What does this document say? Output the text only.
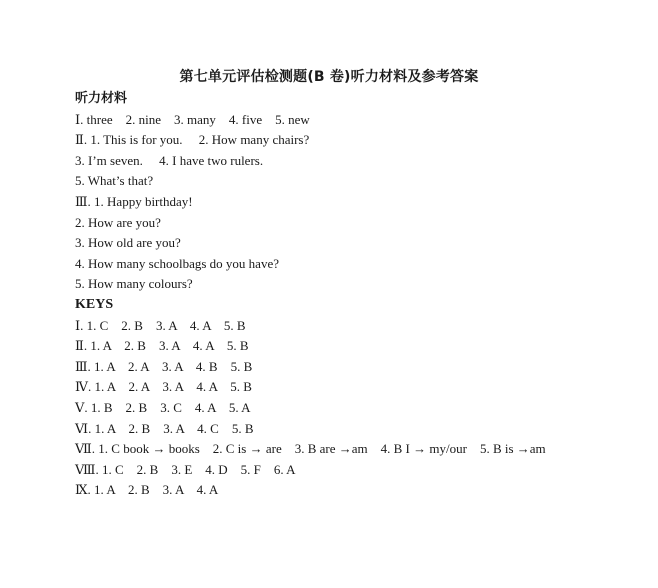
第七单元评估检测题(B 卷)听力材料及参考答案
听力材料
Ⅰ. three　2. nine　3. many　4. five　5. new
Ⅱ. 1. This is for you.　 2. How many chairs?
3. I’m seven.　 4. I have two rulers.
5. What’s that?
Ⅲ. 1. Happy birthday!
2. How are you?
3. How old are you?
4. How many schoolbags do you have?
5. How many colours?
KEYS
Ⅰ. 1. C　2. B　3. A　4. A　5. B
Ⅱ. 1. A　2. B　3. A　4. A　5. B
Ⅲ. 1. A　2. A　3. A　4. B　5. B
Ⅳ. 1. A　2. A　3. A　4. A　5. B
Ⅴ. 1. B　2. B　3. C　4. A　5. A
Ⅵ. 1. A　2. B　3. A　4. C　5. B
Ⅶ. 1. C book → books　2. C is → are　3. B are →am　4. B I → my/our　5. B is →am
Ⅷ. 1. C　2. B　3. E　4. D　5. F　6. A
Ⅸ. 1. A　2. B　3. A　4. A
